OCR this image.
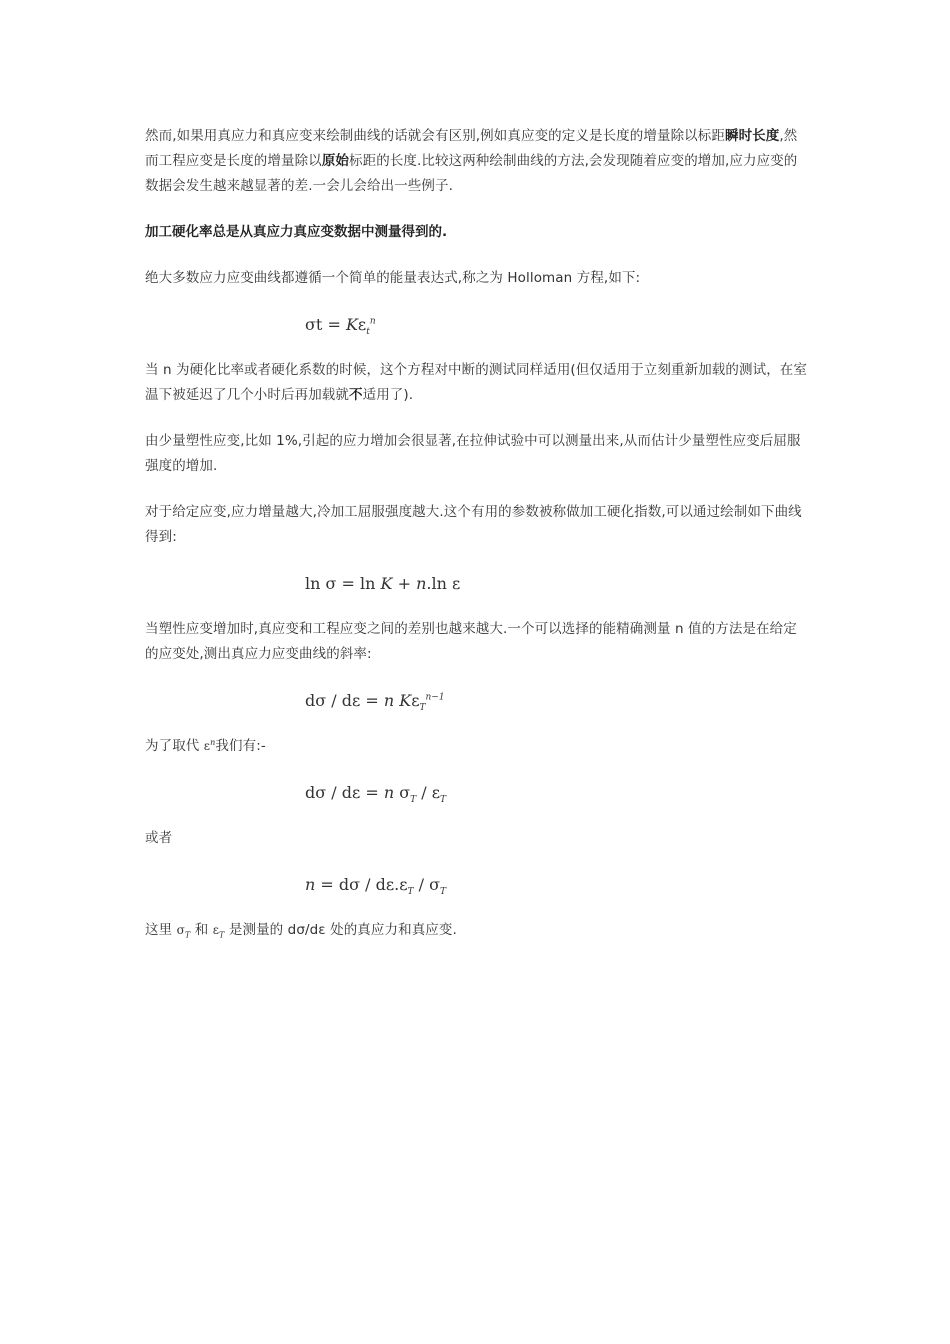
然而,如果用真应力和真应变来绘制曲线的话就会有区别,例如真应变的定义是长度的增量除以标距瞬时长度,然而工程应变是长度的增量除以原始标距的长度.比较这两种绘制曲线的方法,会发现随着应变的增加,应力应变的数据会发生越来越显著的差.一会儿会给出一些例子.

加工硬化率总是从真应力真应变数据中测量得到的.

绝大多数应力应变曲线都遵循一个简单的能量表达式,称之为 Holloman 方程,如下:

$\sigma t = K\varepsilon_t^n$

当 n 为硬化比率或者硬化系数的时候，这个方程对中断的测试同样适用(但仅适用于立刻重新加载的测试，在室温下被延迟了几个小时后再加载就不适用了).

由少量塑性应变,比如 1%,引起的应力增加会很显著,在拉伸试验中可以测量出来,从而估计少量塑性应变后屈服强度的增加.

对于给定应变,应力增量越大,冷加工屈服强度越大.这个有用的参数被称做加工硬化指数,可以通过绘制如下曲线得到:

ln σ = ln K + n.ln ε

当塑性应变增加时,真应变和工程应变之间的差别也越来越大.一个可以选择的能精确测量 n 值的方法是在给定的应变处,测出真应力应变曲线的斜率:

dσ / dε = n $K\varepsilon_T^{n-1}$

为了取代 $\varepsilon^n$我们有:-

dσ / dε = n $\sigma_T / \varepsilon_T$

或者

$n = d\sigma / d\varepsilon.\varepsilon_T / \sigma_T$

这里 $\sigma_T$ 和 $\varepsilon_T$ 是测量的 dσ/dε 处的真应力和真应变.
